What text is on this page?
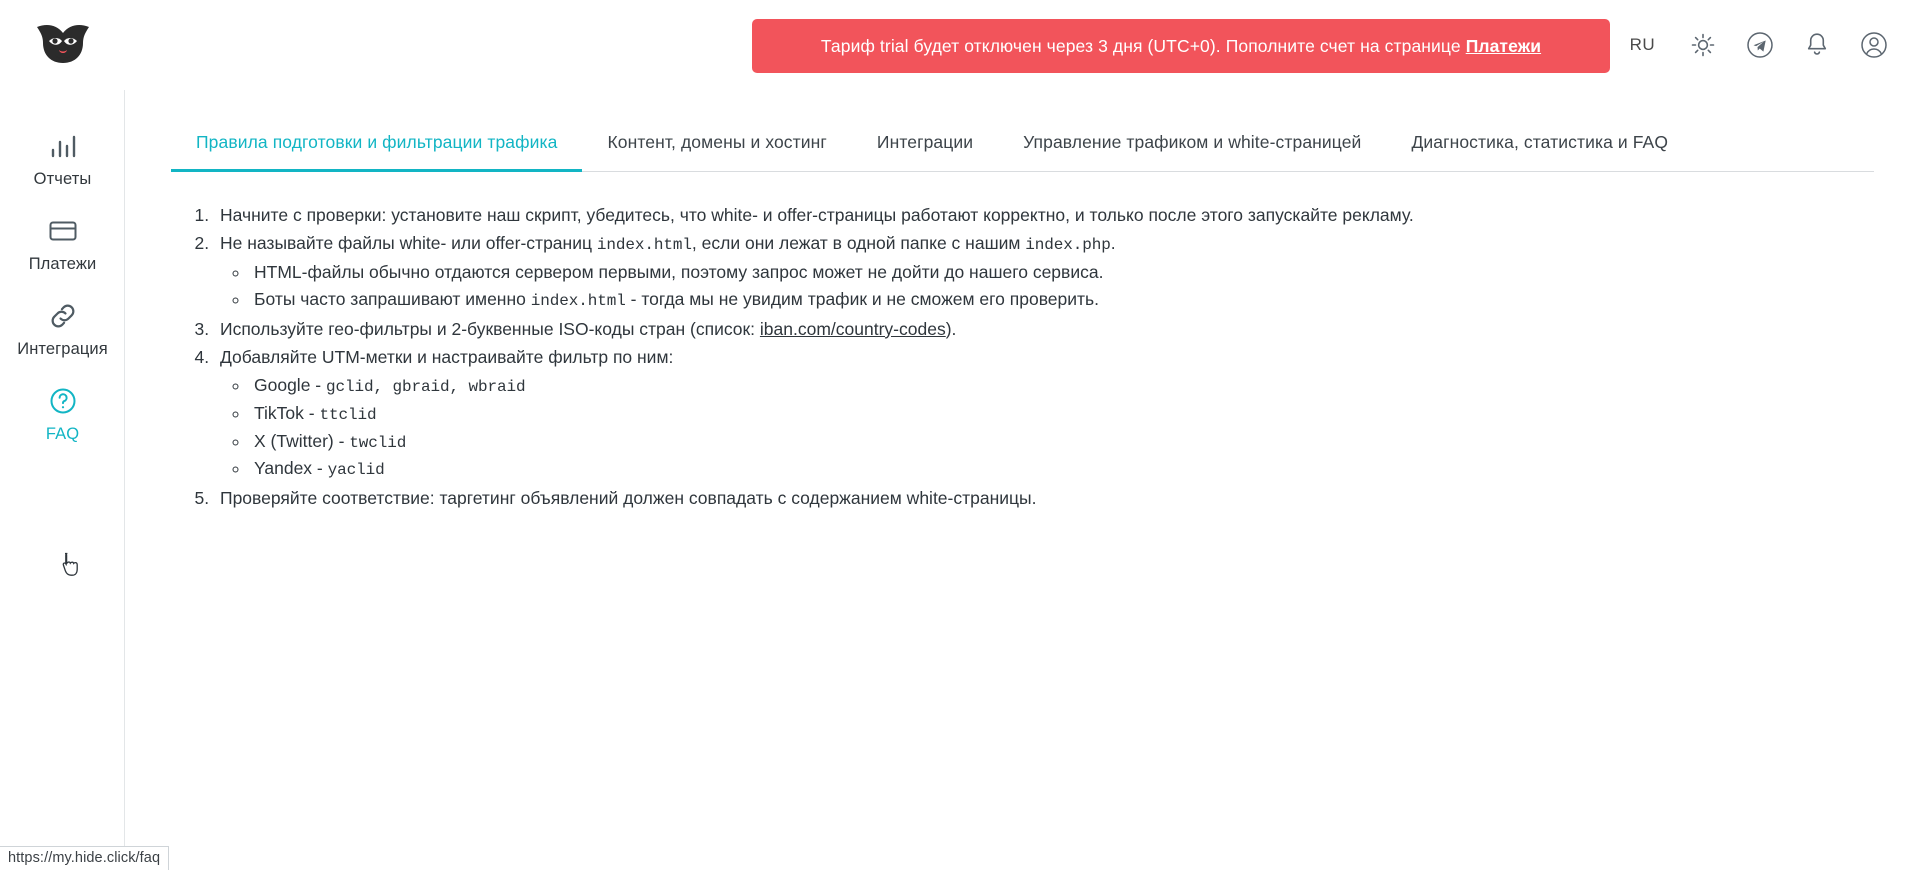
Тариф trial будет отключен через 3 дня (UTC+0). Пополните счет на странице Платежи	RU
Отчеты
Платежи
Интеграция
FAQ
Правила подготовки и фильтрации трафика	Контент, домены и хостинг	Интеграции	Управление трафиком и white-страницей	Диагностика, статистика и FAQ
1. Начните с проверки: установите наш скрипт, убедитесь, что white- и offer-страницы работают корректно, и только после этого запускайте рекламу.
2. Не называйте файлы white- или offer-страниц index.html, если они лежат в одной папке с нашим index.php.
◦ HTML-файлы обычно отдаются сервером первыми, поэтому запрос может не дойти до нашего сервиса.
◦ Боты часто запрашивают именно index.html - тогда мы не увидим трафик и не сможем его проверить.
3. Используйте гео-фильтры и 2-буквенные ISO-коды стран (список: iban.com/country-codes).
4. Добавляйте UTM-метки и настраивайте фильтр по ним:
◦ Google - gclid, gbraid, wbraid
◦ TikTok - ttclid
◦ X (Twitter) - twclid
◦ Yandex - yaclid
5. Проверяйте соответствие: таргетинг объявлений должен совпадать с содержанием white-страницы.
https://my.hide.click/faq
